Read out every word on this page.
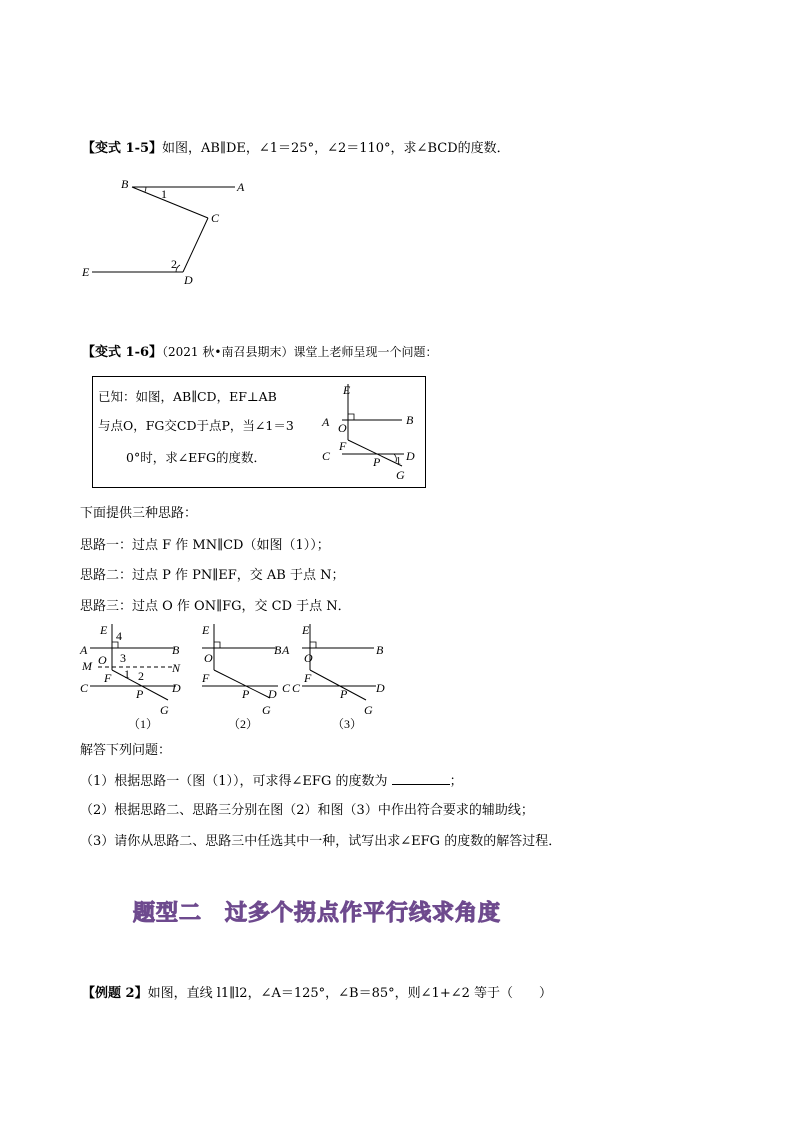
【变式 1-5】如图，AB∥DE，∠1＝25°，∠2＝110°，求∠BCD的度数．
B	A
C
E
D
1
2
【变式 1-6】（2021 秋•南召县期末）课堂上老师呈现一个问题：
已知：如图，AB∥CD，EF⊥AB
与点O，FG交CD于点P，当∠1＝3
0°时，求∠EFG的度数．
E
A O
B
C
F
P D
G
1
下面提供三种思路：
思路一：过点 F 作 MN∥CD（如图（1））；
思路二：过点 P 作 PN∥EF，交 AB 于点 N；
思路三：过点 O 作 ON∥FG，交 CD 于点 N．
E
A	B
M	N
O
F
C	D
P
G
4
3
1 2
（1）
E
O
B A
F
P D C
G
（2）
E
O
B
C
F
P D
G
（3）
解答下列问题：
（1）根据思路一（图（1）），可求得∠EFG 的度数为	；
（2）根据思路二、思路三分别在图（2）和图（3）中作出符合要求的辅助线；
（3）请你从思路二、思路三中任选其中一种，试写出求∠EFG 的度数的解答过程．
题型二　过多个拐点作平行线求角度
【例题 2】如图，直线 l1∥l2，∠A＝125°，∠B＝85°，则∠1+∠2 等于（　　）
